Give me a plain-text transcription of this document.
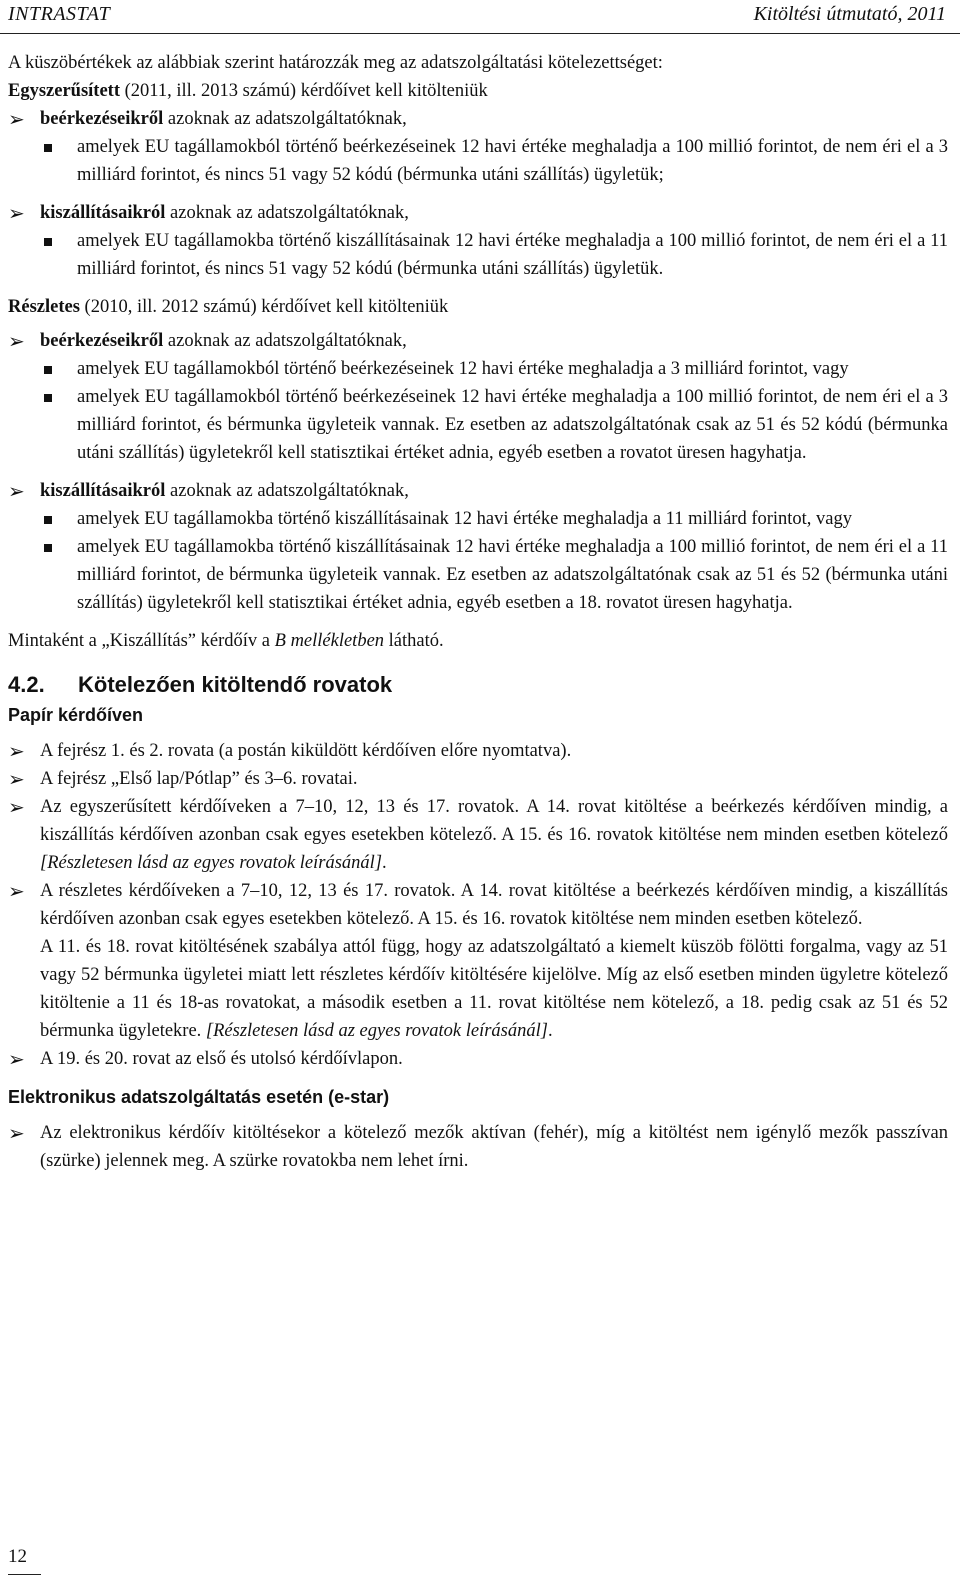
INTRASTAT	Kitöltési útmutató, 2011

A küszöbértékek az alábbiak szerint határozzák meg az adatszolgáltatási kötelezettséget:

Egyszerűsített (2011, ill. 2013 számú) kérdőívet kell kitölteniük

➢ beérkezéseikről azoknak az adatszolgáltatóknak,

amelyek EU tagállamokból történő beérkezéseinek 12 havi értéke meghaladja a 100 millió forintot, de nem éri el a 3 milliárd forintot, és nincs 51 vagy 52 kódú (bérmunka utáni szállítás) ügyletük;

➢ kiszállításaikról azoknak az adatszolgáltatóknak,

amelyek EU tagállamokba történő kiszállításainak 12 havi értéke meghaladja a 100 millió forintot, de nem éri el a 11 milliárd forintot, és nincs 51 vagy 52 kódú (bérmunka utáni szállítás) ügyletük.

Részletes (2010, ill. 2012 számú) kérdőívet kell kitölteniük

➢ beérkezéseikről azoknak az adatszolgáltatóknak,

amelyek EU tagállamokból történő beérkezéseinek 12 havi értéke meghaladja a 3 milliárd forintot, vagy

amelyek EU tagállamokból történő beérkezéseinek 12 havi értéke meghaladja a 100 millió forintot, de nem éri el a 3 milliárd forintot, és bérmunka ügyleteik vannak. Ez esetben az adatszolgáltatónak csak az 51 és 52 kódú (bérmunka utáni szállítás) ügyletekről kell statisztikai értéket adnia, egyéb esetben a rovatot üresen hagyhatja.

➢ kiszállításaikról azoknak az adatszolgáltatóknak,

amelyek EU tagállamokba történő kiszállításainak 12 havi értéke meghaladja a 11 milliárd forintot, vagy

amelyek EU tagállamokba történő kiszállításainak 12 havi értéke meghaladja a 100 millió forintot, de nem éri el a 11 milliárd forintot, de bérmunka ügyleteik vannak. Ez esetben az adatszolgáltatónak csak az 51 és 52 (bérmunka utáni szállítás) ügyletekről kell statisztikai értéket adnia, egyéb esetben a 18. rovatot üresen hagyhatja.

Mintaként a „Kiszállítás” kérdőív a B mellékletben látható.

4.2. Kötelezően kitöltendő rovatok

Papír kérdőíven

➢ A fejrész 1. és 2. rovata (a postán kiküldött kérdőíven előre nyomtatva).

➢ A fejrész „Első lap/Pótlap” és 3–6. rovatai.

➢ Az egyszerűsített kérdőíveken a 7–10, 12, 13 és 17. rovatok. A 14. rovat kitöltése a beérkezés kérdőíven mindig, a kiszállítás kérdőíven azonban csak egyes esetekben kötelező. A 15. és 16. rovatok kitöltése nem minden esetben kötelező [Részletesen lásd az egyes rovatok leírásánál].

➢ A részletes kérdőíveken a 7–10, 12, 13 és 17. rovatok. A 14. rovat kitöltése a beérkezés kérdőíven mindig, a kiszállítás kérdőíven azonban csak egyes esetekben kötelező. A 15. és 16. rovatok kitöltése nem minden esetben kötelező.

A 11. és 18. rovat kitöltésének szabálya attól függ, hogy az adatszolgáltató a kiemelt küszöb fölötti forgalma, vagy az 51 vagy 52 bérmunka ügyletei miatt lett részletes kérdőív kitöltésére kijelölve. Míg az első esetben minden ügyletre kötelező kitöltenie a 11 és 18-as rovatokat, a második esetben a 11. rovat kitöltése nem kötelező, a 18. pedig csak az 51 és 52 bérmunka ügyletekre. [Részletesen lásd az egyes rovatok leírásánál].

➢ A 19. és 20. rovat az első és utolsó kérdőívlapon.

Elektronikus adatszolgáltatás esetén (e-star)

➢ Az elektronikus kérdőív kitöltésekor a kötelező mezők aktívan (fehér), míg a kitöltést nem igénylő mezők passzívan (szürke) jelennek meg. A szürke rovatokba nem lehet írni.

12
